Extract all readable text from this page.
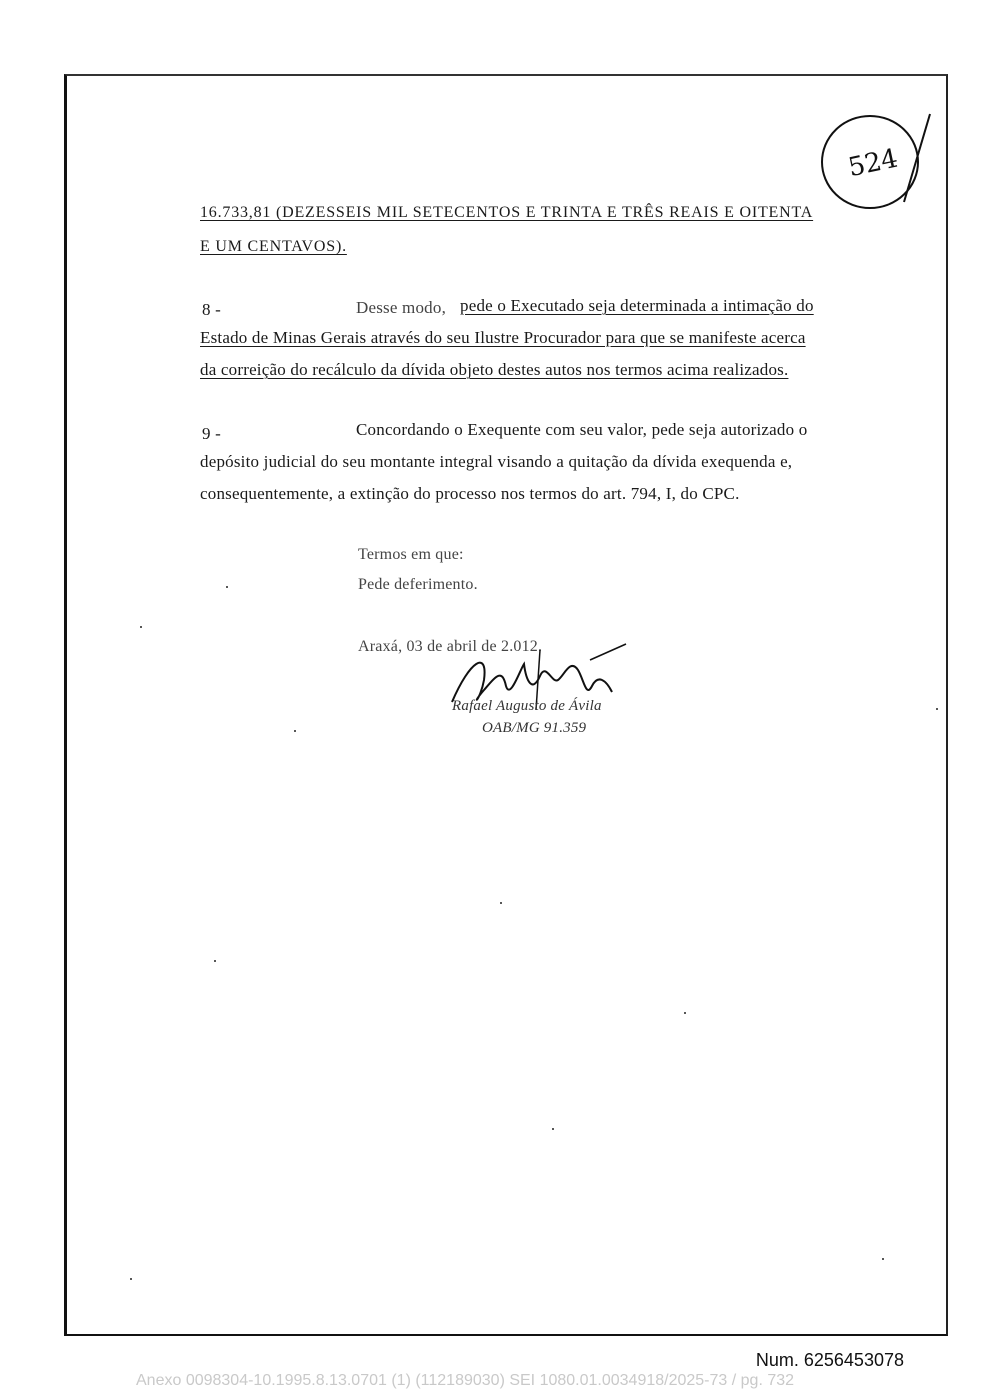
524
16.733,81 (DEZESSEIS MIL SETECENTOS E TRINTA E TRÊS REAIS E OITENTA
E UM CENTAVOS).
8 -	Desse modo, pede o Executado seja determinada a intimação do
Estado de Minas Gerais através do seu Ilustre Procurador para que se manifeste acerca
da correição do recálculo da dívida objeto destes autos nos termos acima realizados.
9 -	Concordando o Exequente com seu valor, pede seja autorizado o
depósito judicial do seu montante integral visando a quitação da dívida exequenda e,
consequentemente, a extinção do processo nos termos do art. 794, I, do CPC.
Termos em que:
Pede deferimento.
Araxá, 03 de abril de 2.012.
Rafael Augusto de Ávila
OAB/MG 91.359
Num. 6256453078
Anexo 0098304-10.1995.8.13.0701 (1) (112189030) SEI 1080.01.0034918/2025-73 / pg. 732
